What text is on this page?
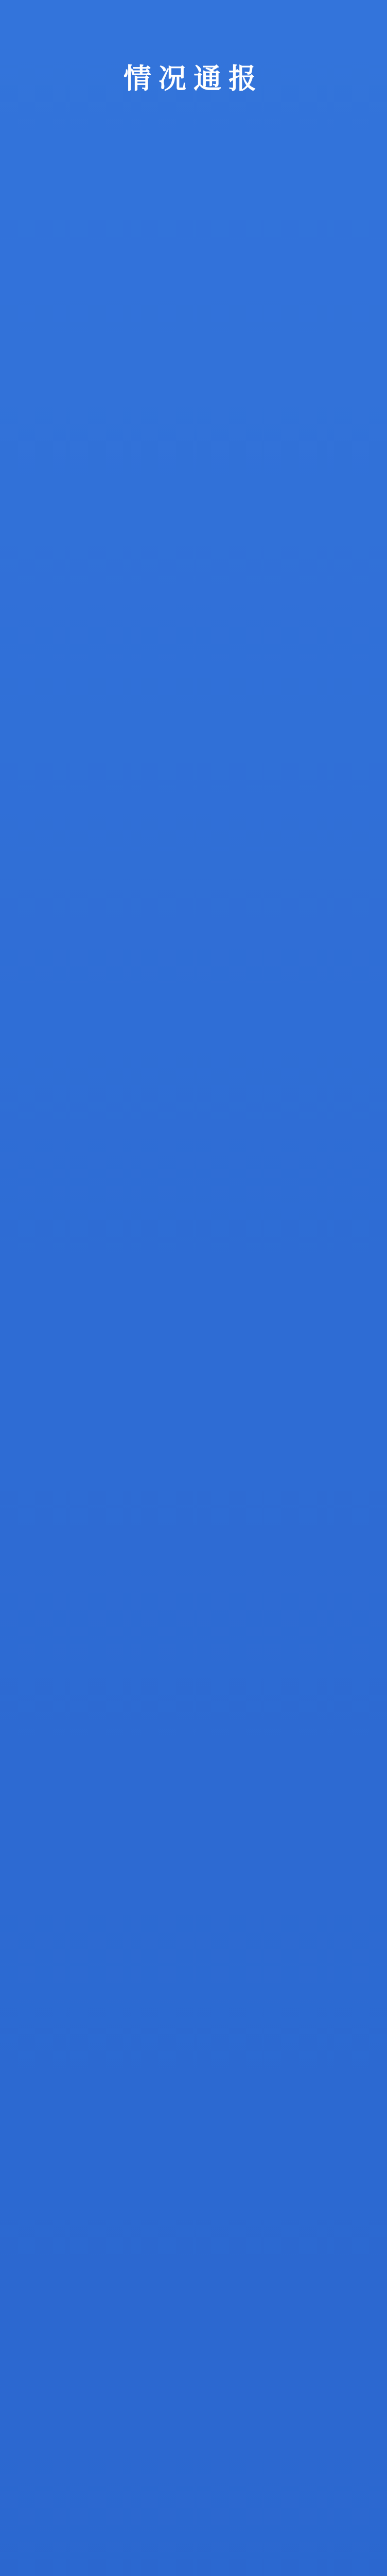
情况通报
